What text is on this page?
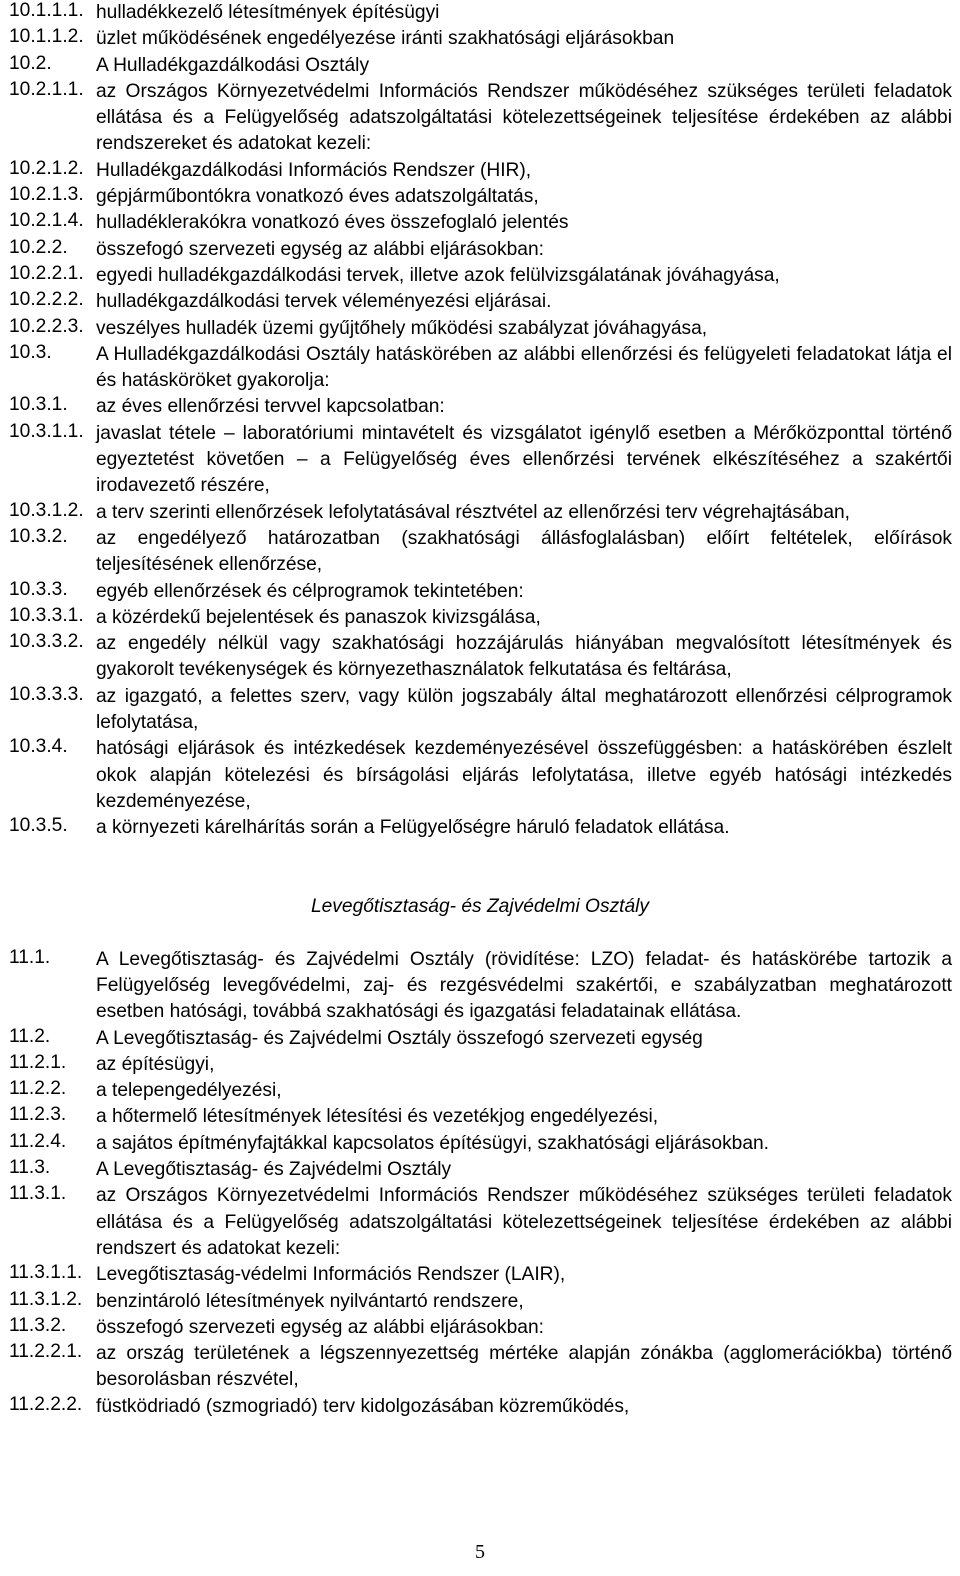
10.1.1.1. hulladékkezelő létesítmények építésügyi
10.1.1.2. üzlet működésének engedélyezése iránti szakhatósági eljárásokban
10.2. A Hulladékgazdálkodási Osztály
10.2.1.1. az Országos Környezetvédelmi Információs Rendszer működéséhez szükséges területi feladatok ellátása és a Felügyelőség adatszolgáltatási kötelezettségeinek teljesítése érdekében az alábbi rendszereket és adatokat kezeli:
10.2.1.2. Hulladékgazdálkodási Információs Rendszer (HIR),
10.2.1.3. gépjárműbontókra vonatkozó éves adatszolgáltatás,
10.2.1.4. hulladéklerakókra vonatkozó éves összefoglaló jelentés
10.2.2. összefogó szervezeti egység az alábbi eljárásokban:
10.2.2.1. egyedi hulladékgazdálkodási tervek, illetve azok felülvizsgálatának jóváhagyása,
10.2.2.2. hulladékgazdálkodási tervek véleményezési eljárásai.
10.2.2.3. veszélyes hulladék üzemi gyűjtőhely működési szabályzat jóváhagyása,
10.3. A Hulladékgazdálkodási Osztály hatáskörében az alábbi ellenőrzési és felügyeleti feladatokat látja el és hatásköröket gyakorolja:
10.3.1. az éves ellenőrzési tervvel kapcsolatban:
10.3.1.1. javaslat tétele – laboratóriumi mintavételt és vizsgálatot igénylő esetben a Mérőközponttal történő egyeztetést követően – a Felügyelőség éves ellenőrzési tervének elkészítéséhez a szakértői irodavezető részére,
10.3.1.2. a terv szerinti ellenőrzések lefolytatásával résztvétel az ellenőrzési terv végrehajtásában,
10.3.2. az engedélyező határozatban (szakhatósági állásfoglalásban) előírt feltételek, előírások teljesítésének ellenőrzése,
10.3.3. egyéb ellenőrzések és célprogramok tekintetében:
10.3.3.1. a közérdekű bejelentések és panaszok kivizsgálása,
10.3.3.2. az engedély nélkül vagy szakhatósági hozzájárulás hiányában megvalósított létesítmények és gyakorolt tevékenységek és környezethasználatok felkutatása és feltárása,
10.3.3.3. az igazgató, a felettes szerv, vagy külön jogszabály által meghatározott ellenőrzési célprogramok lefolytatása,
10.3.4. hatósági eljárások és intézkedések kezdeményezésével összefüggésben: a hatáskörében észlelt okok alapján kötelezési és bírságolási eljárás lefolytatása, illetve egyéb hatósági intézkedés kezdeményezése,
10.3.5. a környezeti kárelhárítás során a Felügyelőségre háruló feladatok ellátása.
Levegőtisztaság- és Zajvédelmi Osztály
11.1. A Levegőtisztaság- és Zajvédelmi Osztály (rövidítése: LZO) feladat- és hatáskörébe tartozik a Felügyelőség levegővédelmi, zaj- és rezgésvédelmi szakértői, e szabályzatban meghatározott esetben hatósági, továbbá szakhatósági és igazgatási feladatainak ellátása.
11.2. A Levegőtisztaság- és Zajvédelmi Osztály összefogó szervezeti egység
11.2.1. az építésügyi,
11.2.2. a telepengedélyezési,
11.2.3. a hőtermelő létesítmények létesítési és vezetékjog engedélyezési,
11.2.4. a sajátos építményfajtákkal kapcsolatos építésügyi, szakhatósági eljárásokban.
11.3. A Levegőtisztaság- és Zajvédelmi Osztály
11.3.1. az Országos Környezetvédelmi Információs Rendszer működéséhez szükséges területi feladatok ellátása és a Felügyelőség adatszolgáltatási kötelezettségeinek teljesítése érdekében az alábbi rendszert és adatokat kezeli:
11.3.1.1. Levegőtisztaság-védelmi Információs Rendszer (LAIR),
11.3.1.2. benzintároló létesítmények nyilvántartó rendszere,
11.3.2. összefogó szervezeti egység az alábbi eljárásokban:
11.2.2.1. az ország területének a légszennyezettség mértéke alapján zónákba (agglomerációkba) történő besorolásban részvétel,
11.2.2.2. füstködriadó (szmogriadó) terv kidolgozásában közreműködés,
5
